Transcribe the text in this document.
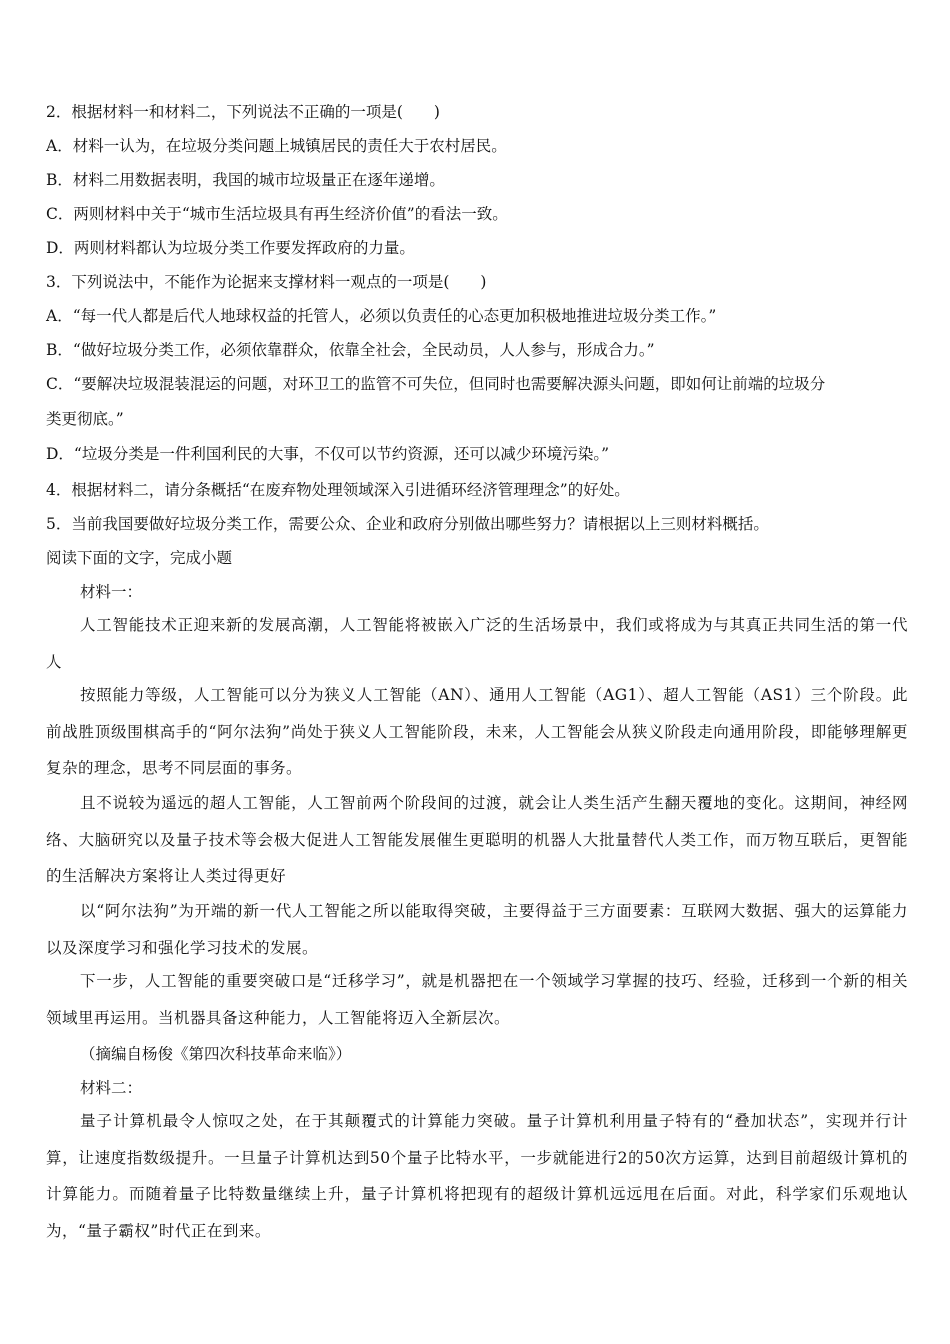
2．根据材料一和材料二，下列说法不正确的一项是(　　)
A．材料一认为，在垃圾分类问题上城镇居民的责任大于农村居民。
B．材料二用数据表明，我国的城市垃圾量正在逐年递增。
C．两则材料中关于“城市生活垃圾具有再生经济价值”的看法一致。
D．两则材料都认为垃圾分类工作要发挥政府的力量。
3．下列说法中，不能作为论据来支撑材料一观点的一项是(　　)
A．“每一代人都是后代人地球权益的托管人，必须以负责任的心态更加积极地推进垃圾分类工作。”
B．“做好垃圾分类工作，必须依靠群众，依靠全社会，全民动员，人人参与，形成合力。”
C．“要解决垃圾混装混运的问题，对环卫工的监管不可失位，但同时也需要解决源头问题，即如何让前端的垃圾分
类更彻底。”
D．“垃圾分类是一件利国利民的大事，不仅可以节约资源，还可以减少环境污染。”
4．根据材料二，请分条概括“在废弃物处理领域深入引进循环经济管理理念”的好处。
5．当前我国要做好垃圾分类工作，需要公众、企业和政府分别做出哪些努力？请根据以上三则材料概括。
阅读下面的文字，完成小题
材料一：
人工智能技术正迎来新的发展高潮，人工智能将被嵌入广泛的生活场景中，我们或将成为与其真正共同生活的第一代人
按照能力等级，人工智能可以分为狭义人工智能（AN）、通用人工智能（AG1）、超人工智能（AS1）三个阶段。此前战胜顶级围棋高手的“阿尔法狗”尚处于狭义人工智能阶段，未来，人工智能会从狭义阶段走向通用阶段，即能够理解更复杂的理念，思考不同层面的事务。
且不说较为遥远的超人工智能，人工智前两个阶段间的过渡，就会让人类生活产生翻天覆地的变化。这期间，神经网络、大脑研究以及量子技术等会极大促进人工智能发展催生更聪明的机器人大批量替代人类工作，而万物互联后，更智能的生活解决方案将让人类过得更好
以“阿尔法狗”为开端的新一代人工智能之所以能取得突破，主要得益于三方面要素：互联网大数据、强大的运算能力以及深度学习和强化学习技术的发展。
下一步，人工智能的重要突破口是“迁移学习”，就是机器把在一个领域学习掌握的技巧、经验，迁移到一个新的相关领域里再运用。当机器具备这种能力，人工智能将迈入全新层次。
（摘编自杨俊《第四次科技革命来临》）
材料二：
量子计算机最令人惊叹之处，在于其颠覆式的计算能力突破。量子计算机利用量子特有的“叠加状态”，实现并行计算，让速度指数级提升。一旦量子计算机达到50个量子比特水平，一步就能进行2的50次方运算，达到目前超级计算机的计算能力。而随着量子比特数量继续上升，量子计算机将把现有的超级计算机远远甩在后面。对此，科学家们乐观地认为，“量子霸权”时代正在到来。
